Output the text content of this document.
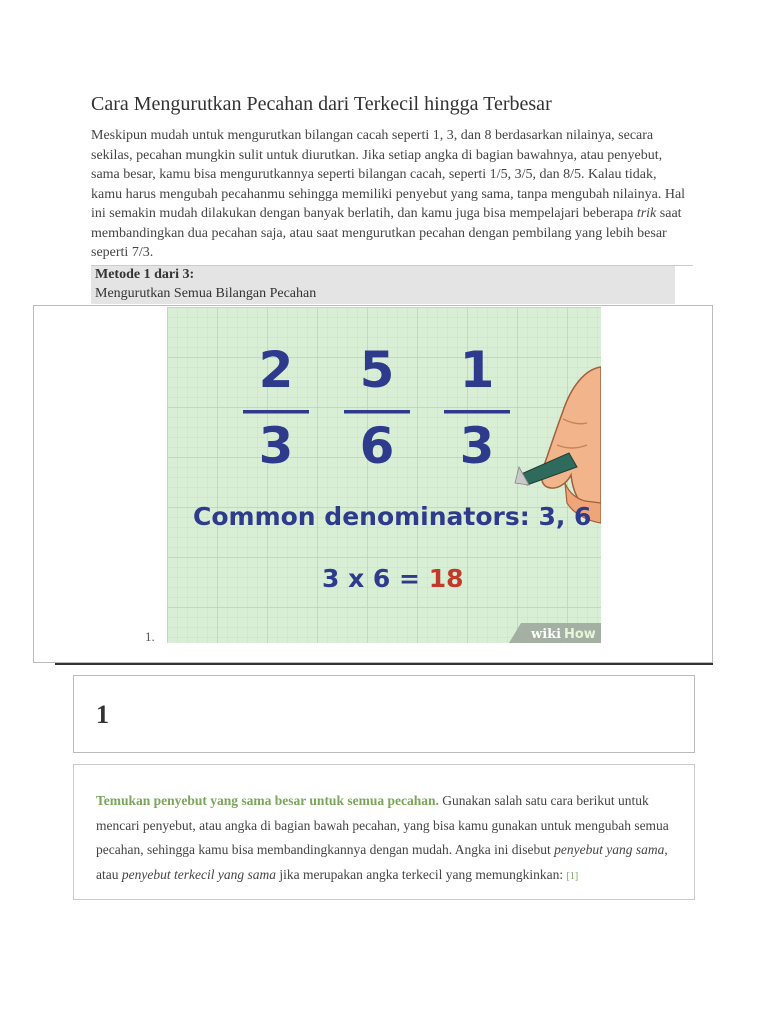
Cara Mengurutkan Pecahan dari Terkecil hingga Terbesar

Meskipun mudah untuk mengurutkan bilangan cacah seperti 1, 3, dan 8 berdasarkan nilainya, secara sekilas, pecahan mungkin sulit untuk diurutkan. Jika setiap angka di bagian bawahnya, atau penyebut, sama besar, kamu bisa mengurutkannya seperti bilangan cacah, seperti 1/5, 3/5, dan 8/5. Kalau tidak, kamu harus mengubah pecahanmu sehingga memiliki penyebut yang sama, tanpa mengubah nilainya. Hal ini semakin mudah dilakukan dengan banyak berlatih, dan kamu juga bisa mempelajari beberapa trik saat membandingkan dua pecahan saja, atau saat mengurutkan pecahan dengan pembilang yang lebih besar seperti 7/3.

Metode 1 dari 3:
Mengurutkan Semua Bilangan Pecahan
1.
2
3
5
6
1
3
Common denominators: 3, 6
3 x 6 = 18
wiki How
1
Temukan penyebut yang sama besar untuk semua pecahan. Gunakan salah satu cara berikut untuk mencari penyebut, atau angka di bagian bawah pecahan, yang bisa kamu gunakan untuk mengubah semua pecahan, sehingga kamu bisa membandingkannya dengan mudah. Angka ini disebut penyebut yang sama, atau penyebut terkecil yang sama jika merupakan angka terkecil yang memungkinkan: [1]
